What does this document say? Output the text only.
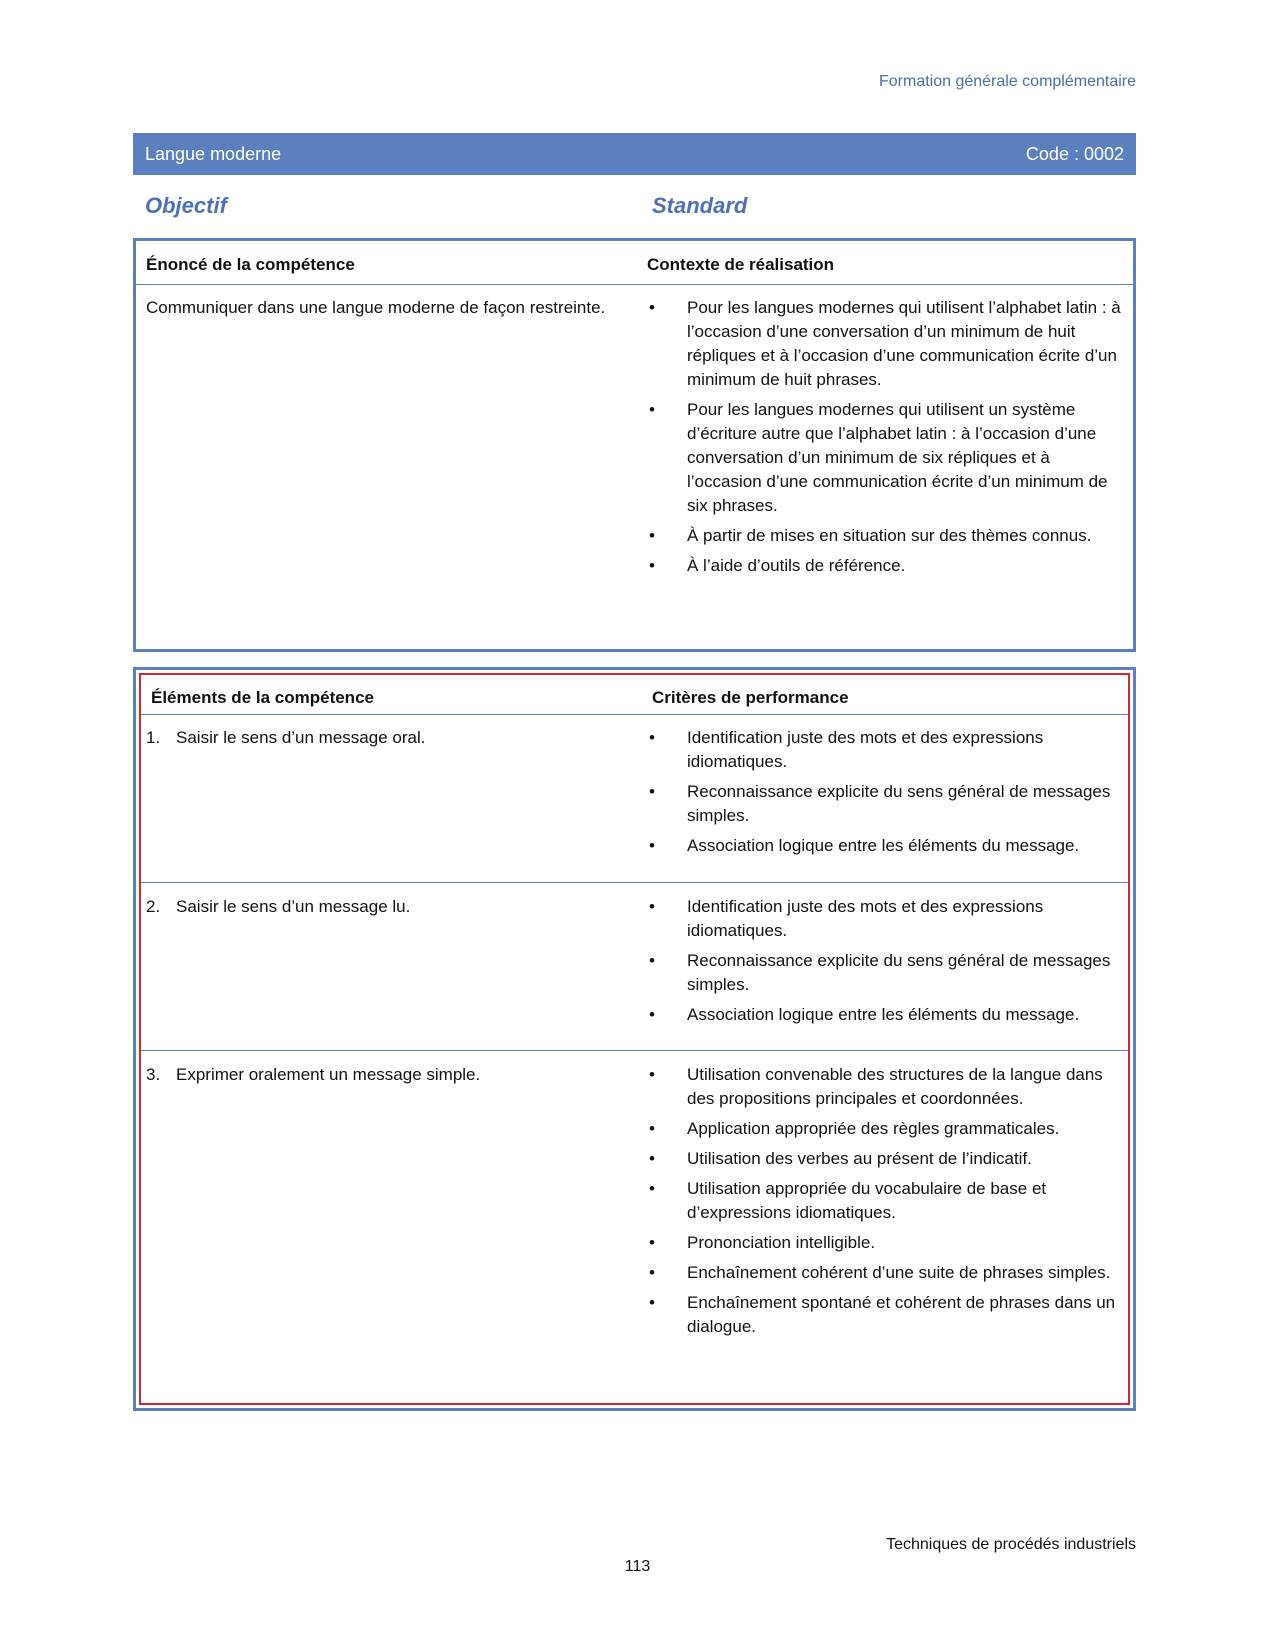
Formation générale complémentaire
Langue moderne	Code : 0002
Objectif	Standard
Énoncé de la compétence	Contexte de réalisation
Communiquer dans une langue moderne de façon restreinte.	• Pour les langues modernes qui utilisent l’alphabet latin : à l’occasion d’une conversation d’un minimum de huit répliques et à l’occasion d’une communication écrite d’un minimum de huit phrases.
• Pour les langues modernes qui utilisent un système d’écriture autre que l’alphabet latin : à l’occasion d’une conversation d’un minimum de six répliques et à l’occasion d’une communication écrite d’un minimum de six phrases.
• À partir de mises en situation sur des thèmes connus.
• À l’aide d’outils de référence.
Éléments de la compétence	Critères de performance
1. Saisir le sens d’un message oral.	• Identification juste des mots et des expressions idiomatiques.
• Reconnaissance explicite du sens général de messages simples.
• Association logique entre les éléments du message.
2. Saisir le sens d’un message lu.	• Identification juste des mots et des expressions idiomatiques.
• Reconnaissance explicite du sens général de messages simples.
• Association logique entre les éléments du message.
3. Exprimer oralement un message simple.	• Utilisation convenable des structures de la langue dans des propositions principales et coordonnées.
• Application appropriée des règles grammaticales.
• Utilisation des verbes au présent de l’indicatif.
• Utilisation appropriée du vocabulaire de base et d’expressions idiomatiques.
• Prononciation intelligible.
• Enchaînement cohérent d’une suite de phrases simples.
• Enchaînement spontané et cohérent de phrases dans un dialogue.
Techniques de procédés industriels
113
